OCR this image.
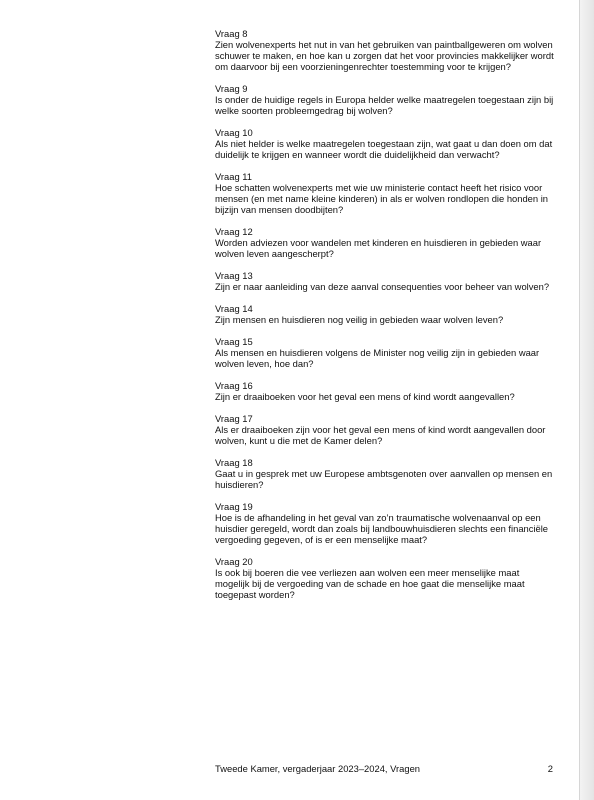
Vraag 8
Zien wolvenexperts het nut in van het gebruiken van paintballgeweren om wolven schuwer te maken, en hoe kan u zorgen dat het voor provincies makkelijker wordt om daarvoor bij een voorzieningenrechter toestemming voor te krijgen?
Vraag 9
Is onder de huidige regels in Europa helder welke maatregelen toegestaan zijn bij welke soorten probleemgedrag bij wolven?
Vraag 10
Als niet helder is welke maatregelen toegestaan zijn, wat gaat u dan doen om dat duidelijk te krijgen en wanneer wordt die duidelijkheid dan verwacht?
Vraag 11
Hoe schatten wolvenexperts met wie uw ministerie contact heeft het risico voor mensen (en met name kleine kinderen) in als er wolven rondlopen die honden in bijzijn van mensen doodbijten?
Vraag 12
Worden adviezen voor wandelen met kinderen en huisdieren in gebieden waar wolven leven aangescherpt?
Vraag 13
Zijn er naar aanleiding van deze aanval consequenties voor beheer van wolven?
Vraag 14
Zijn mensen en huisdieren nog veilig in gebieden waar wolven leven?
Vraag 15
Als mensen en huisdieren volgens de Minister nog veilig zijn in gebieden waar wolven leven, hoe dan?
Vraag 16
Zijn er draaiboeken voor het geval een mens of kind wordt aangevallen?
Vraag 17
Als er draaiboeken zijn voor het geval een mens of kind wordt aangevallen door wolven, kunt u die met de Kamer delen?
Vraag 18
Gaat u in gesprek met uw Europese ambtsgenoten over aanvallen op mensen en huisdieren?
Vraag 19
Hoe is de afhandeling in het geval van zo’n traumatische wolvenaanval op een huisdier geregeld, wordt dan zoals bij landbouwhuisdieren slechts een financiële vergoeding gegeven, of is er een menselijke maat?
Vraag 20
Is ook bij boeren die vee verliezen aan wolven een meer menselijke maat mogelijk bij de vergoeding van de schade en hoe gaat die menselijke maat toegepast worden?
Tweede Kamer, vergaderjaar 2023–2024, Vragen	2
